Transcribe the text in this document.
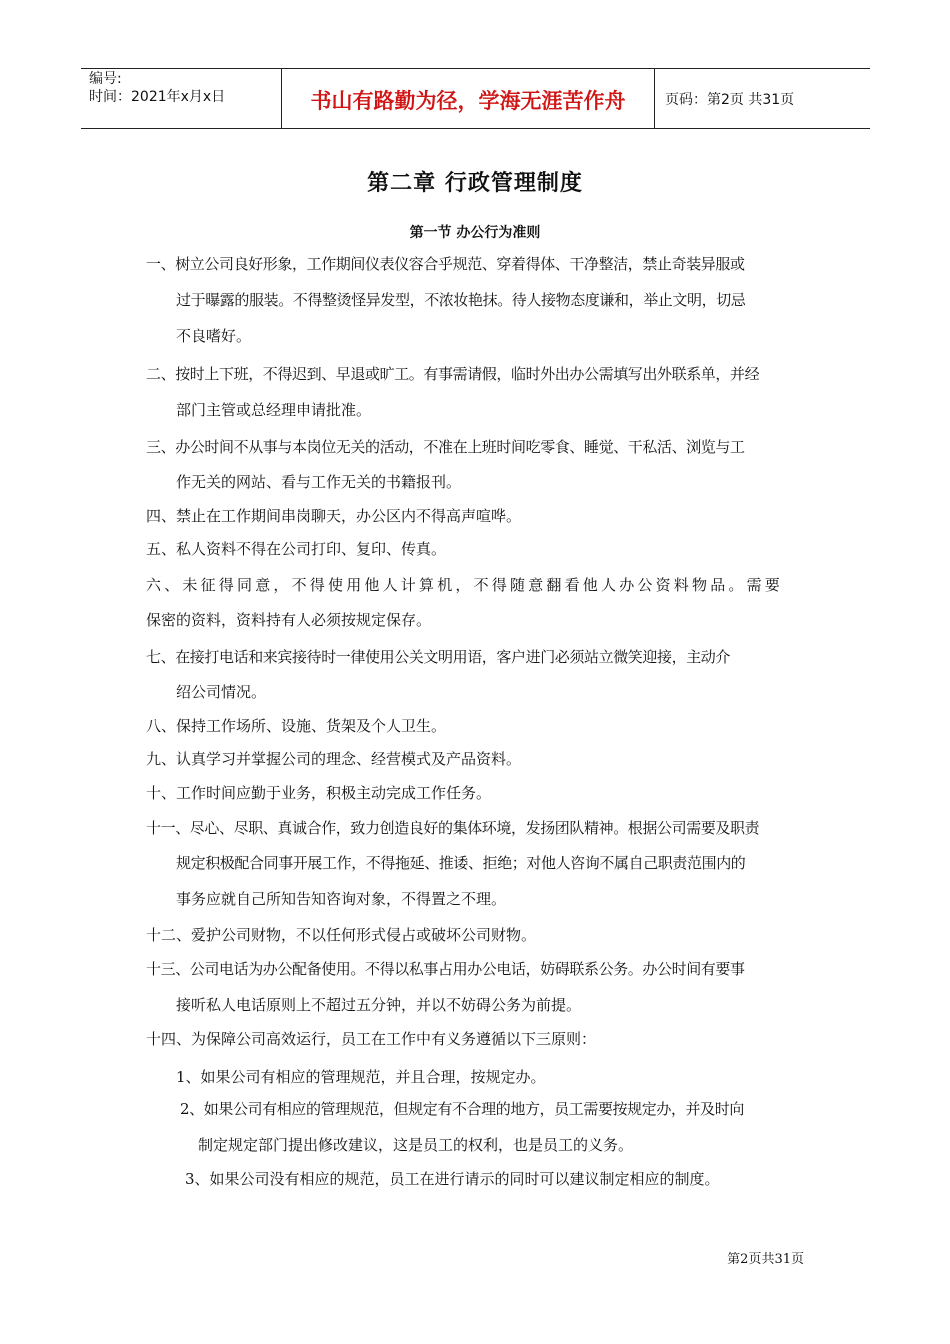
编号:
时间：2021年x月x日	书山有路勤为径，学海无涯苦作舟	页码：第2页 共31页
第二章 行政管理制度
第一节 办公行为准则
一、树立公司良好形象，工作期间仪表仪容合乎规范、穿着得体、干净整洁，禁止奇装异服或
过于曝露的服装。不得整烫怪异发型，不浓妆艳抹。待人接物态度谦和，举止文明，切忌
不良嗜好。
二、按时上下班，不得迟到、早退或旷工。有事需请假，临时外出办公需填写出外联系单，并经
部门主管或总经理申请批准。
三、办公时间不从事与本岗位无关的活动，不准在上班时间吃零食、睡觉、干私活、浏览与工
作无关的网站、看与工作无关的书籍报刊。
四、禁止在工作期间串岗聊天，办公区内不得高声喧哗。
五、私人资料不得在公司打印、复印、传真。
六、未征得同意，不得使用他人计算机，不得随意翻看他人办公资料物品。需要
保密的资料，资料持有人必须按规定保存。
七、在接打电话和来宾接待时一律使用公关文明用语，客户进门必须站立微笑迎接，主动介
绍公司情况。
八、保持工作场所、设施、货架及个人卫生。
九、认真学习并掌握公司的理念、经营模式及产品资料。
十、工作时间应勤于业务，积极主动完成工作任务。
十一、尽心、尽职、真诚合作，致力创造良好的集体环境，发扬团队精神。根据公司需要及职责
规定积极配合同事开展工作，不得拖延、推诿、拒绝；对他人咨询不属自己职责范围内的
事务应就自己所知告知咨询对象，不得置之不理。
十二、爱护公司财物，不以任何形式侵占或破坏公司财物。
十三、公司电话为办公配备使用。不得以私事占用办公电话，妨碍联系公务。办公时间有要事
接听私人电话原则上不超过五分钟，并以不妨碍公务为前提。
十四、为保障公司高效运行，员工在工作中有义务遵循以下三原则：
1、如果公司有相应的管理规范，并且合理，按规定办。
2、如果公司有相应的管理规范，但规定有不合理的地方，员工需要按规定办，并及时向
制定规定部门提出修改建议，这是员工的权利，也是员工的义务。
3、如果公司没有相应的规范，员工在进行请示的同时可以建议制定相应的制度。
第2页共31页
